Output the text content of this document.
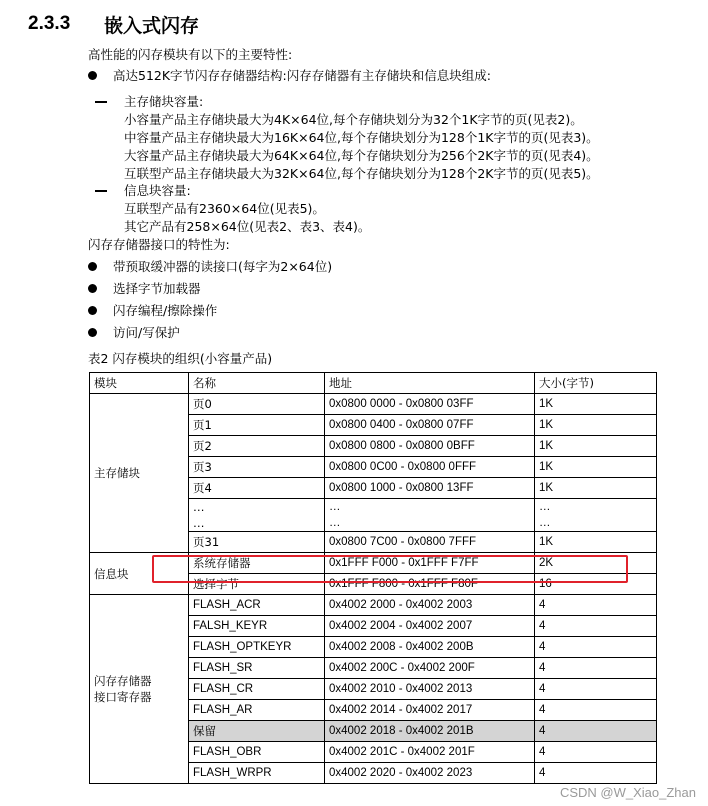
2.3.3	嵌入式闪存
高性能的闪存模块有以下的主要特性:
高达512K字节闪存存储器结构:闪存存储器有主存储块和信息块组成:
主存储块容量:
小容量产品主存储块最大为4K×64位,每个存储块划分为32个1K字节的页(见表2)。
中容量产品主存储块最大为16K×64位,每个存储块划分为128个1K字节的页(见表3)。
大容量产品主存储块最大为64K×64位,每个存储块划分为256个2K字节的页(见表4)。
互联型产品主存储块最大为32K×64位,每个存储块划分为128个2K字节的页(见表5)。
信息块容量:
互联型产品有2360×64位(见表5)。
其它产品有258×64位(见表2、表3、表4)。
闪存存储器接口的特性为:
带预取缓冲器的读接口(每字为2×64位)
选择字节加载器
闪存编程/擦除操作
访问/写保护
表2 闪存模块的组织(小容量产品)
模块	名称	地址	大小(字节)
主存储块	页0	0x0800 0000 - 0x0800 03FF	1K
	页1	0x0800 0400 - 0x0800 07FF	1K
	页2	0x0800 0800 - 0x0800 0BFF	1K
	页3	0x0800 0C00 - 0x0800 0FFF	1K
	页4	0x0800 1000 - 0x0800 13FF	1K
	…	…	…
	…	…	…
	页31	0x0800 7C00 - 0x0800 7FFF	1K
信息块	系统存储器	0x1FFF F000 - 0x1FFF F7FF	2K
	选择字节	0x1FFF F800 - 0x1FFF F80F	16

闪存存储器
接口寄存器	FLASH_ACR	0x4002 2000 - 0x4002 2003	4
	FALSH_KEYR	0x4002 2004 - 0x4002 2007	4
	FLASH_OPTKEYR	0x4002 2008 - 0x4002 200B	4
	FLASH_SR	0x4002 200C - 0x4002 200F	4
	FLASH_CR	0x4002 2010 - 0x4002 2013	4
	FLASH_AR	0x4002 2014 - 0x4002 2017	4
	保留	0x4002 2018 - 0x4002 201B	4
	FLASH_OBR	0x4002 201C - 0x4002 201F	4
	FLASH_WRPR	0x4002 2020 - 0x4002 2023	4
CSDN @W_Xiao_Zhan
